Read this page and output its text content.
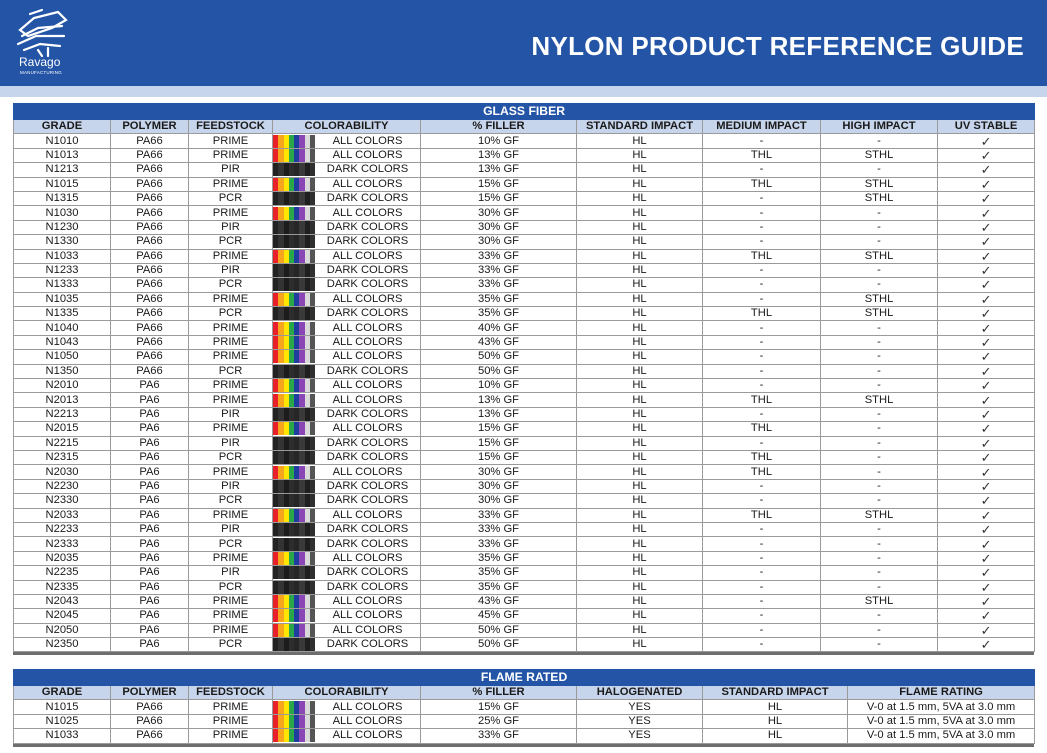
Ravago
MANUFACTURING
NYLON PRODUCT REFERENCE GUIDE
GLASS FIBER								
GRADE	POLYMER	FEEDSTOCK	COLORABILITY	% FILLER	STANDARD IMPACT	MEDIUM IMPACT	HIGH IMPACT	UV STABLE
N1010	PA66	PRIME	ALL COLORS	10% GF	HL	-	-	✓
N1013	PA66	PRIME	ALL COLORS	13% GF	HL	THL	STHL	✓
N1213	PA66	PIR	DARK COLORS	13% GF	HL	-	-	✓
N1015	PA66	PRIME	ALL COLORS	15% GF	HL	THL	STHL	✓
N1315	PA66	PCR	DARK COLORS	15% GF	HL	-	STHL	✓
N1030	PA66	PRIME	ALL COLORS	30% GF	HL	-	-	✓
N1230	PA66	PIR	DARK COLORS	30% GF	HL	-	-	✓
N1330	PA66	PCR	DARK COLORS	30% GF	HL	-	-	✓
N1033	PA66	PRIME	ALL COLORS	33% GF	HL	THL	STHL	✓
N1233	PA66	PIR	DARK COLORS	33% GF	HL	-	-	✓
N1333	PA66	PCR	DARK COLORS	33% GF	HL	-	-	✓
N1035	PA66	PRIME	ALL COLORS	35% GF	HL	-	STHL	✓
N1335	PA66	PCR	DARK COLORS	35% GF	HL	THL	STHL	✓
N1040	PA66	PRIME	ALL COLORS	40% GF	HL	-	-	✓
N1043	PA66	PRIME	ALL COLORS	43% GF	HL	-	-	✓
N1050	PA66	PRIME	ALL COLORS	50% GF	HL	-	-	✓
N1350	PA66	PCR	DARK COLORS	50% GF	HL	-	-	✓
N2010	PA6	PRIME	ALL COLORS	10% GF	HL	-	-	✓
N2013	PA6	PRIME	ALL COLORS	13% GF	HL	THL	STHL	✓
N2213	PA6	PIR	DARK COLORS	13% GF	HL	-	-	✓
N2015	PA6	PRIME	ALL COLORS	15% GF	HL	THL	-	✓
N2215	PA6	PIR	DARK COLORS	15% GF	HL	-	-	✓
N2315	PA6	PCR	DARK COLORS	15% GF	HL	THL	-	✓
N2030	PA6	PRIME	ALL COLORS	30% GF	HL	THL	-	✓
N2230	PA6	PIR	DARK COLORS	30% GF	HL	-	-	✓
N2330	PA6	PCR	DARK COLORS	30% GF	HL	-	-	✓
N2033	PA6	PRIME	ALL COLORS	33% GF	HL	THL	STHL	✓
N2233	PA6	PIR	DARK COLORS	33% GF	HL	-	-	✓
N2333	PA6	PCR	DARK COLORS	33% GF	HL	-	-	✓
N2035	PA6	PRIME	ALL COLORS	35% GF	HL	-	-	✓
N2235	PA6	PIR	DARK COLORS	35% GF	HL	-	-	✓
N2335	PA6	PCR	DARK COLORS	35% GF	HL	-	-	✓
N2043	PA6	PRIME	ALL COLORS	43% GF	HL	-	STHL	✓
N2045	PA6	PRIME	ALL COLORS	45% GF	HL	-	-	✓
N2050	PA6	PRIME	ALL COLORS	50% GF	HL	-	-	✓
N2350	PA6	PCR	DARK COLORS	50% GF	HL	-	-	✓
FLAME RATED							
GRADE	POLYMER	FEEDSTOCK	COLORABILITY	% FILLER	HALOGENATED	STANDARD IMPACT	FLAME RATING
N1015	PA66	PRIME	ALL COLORS	15% GF	YES	HL	V-0 at 1.5 mm, 5VA at 3.0 mm
N1025	PA66	PRIME	ALL COLORS	25% GF	YES	HL	V-0 at 1.5 mm, 5VA at 3.0 mm
N1033	PA66	PRIME	ALL COLORS	33% GF	YES	HL	V-0 at 1.5 mm, 5VA at 3.0 mm
